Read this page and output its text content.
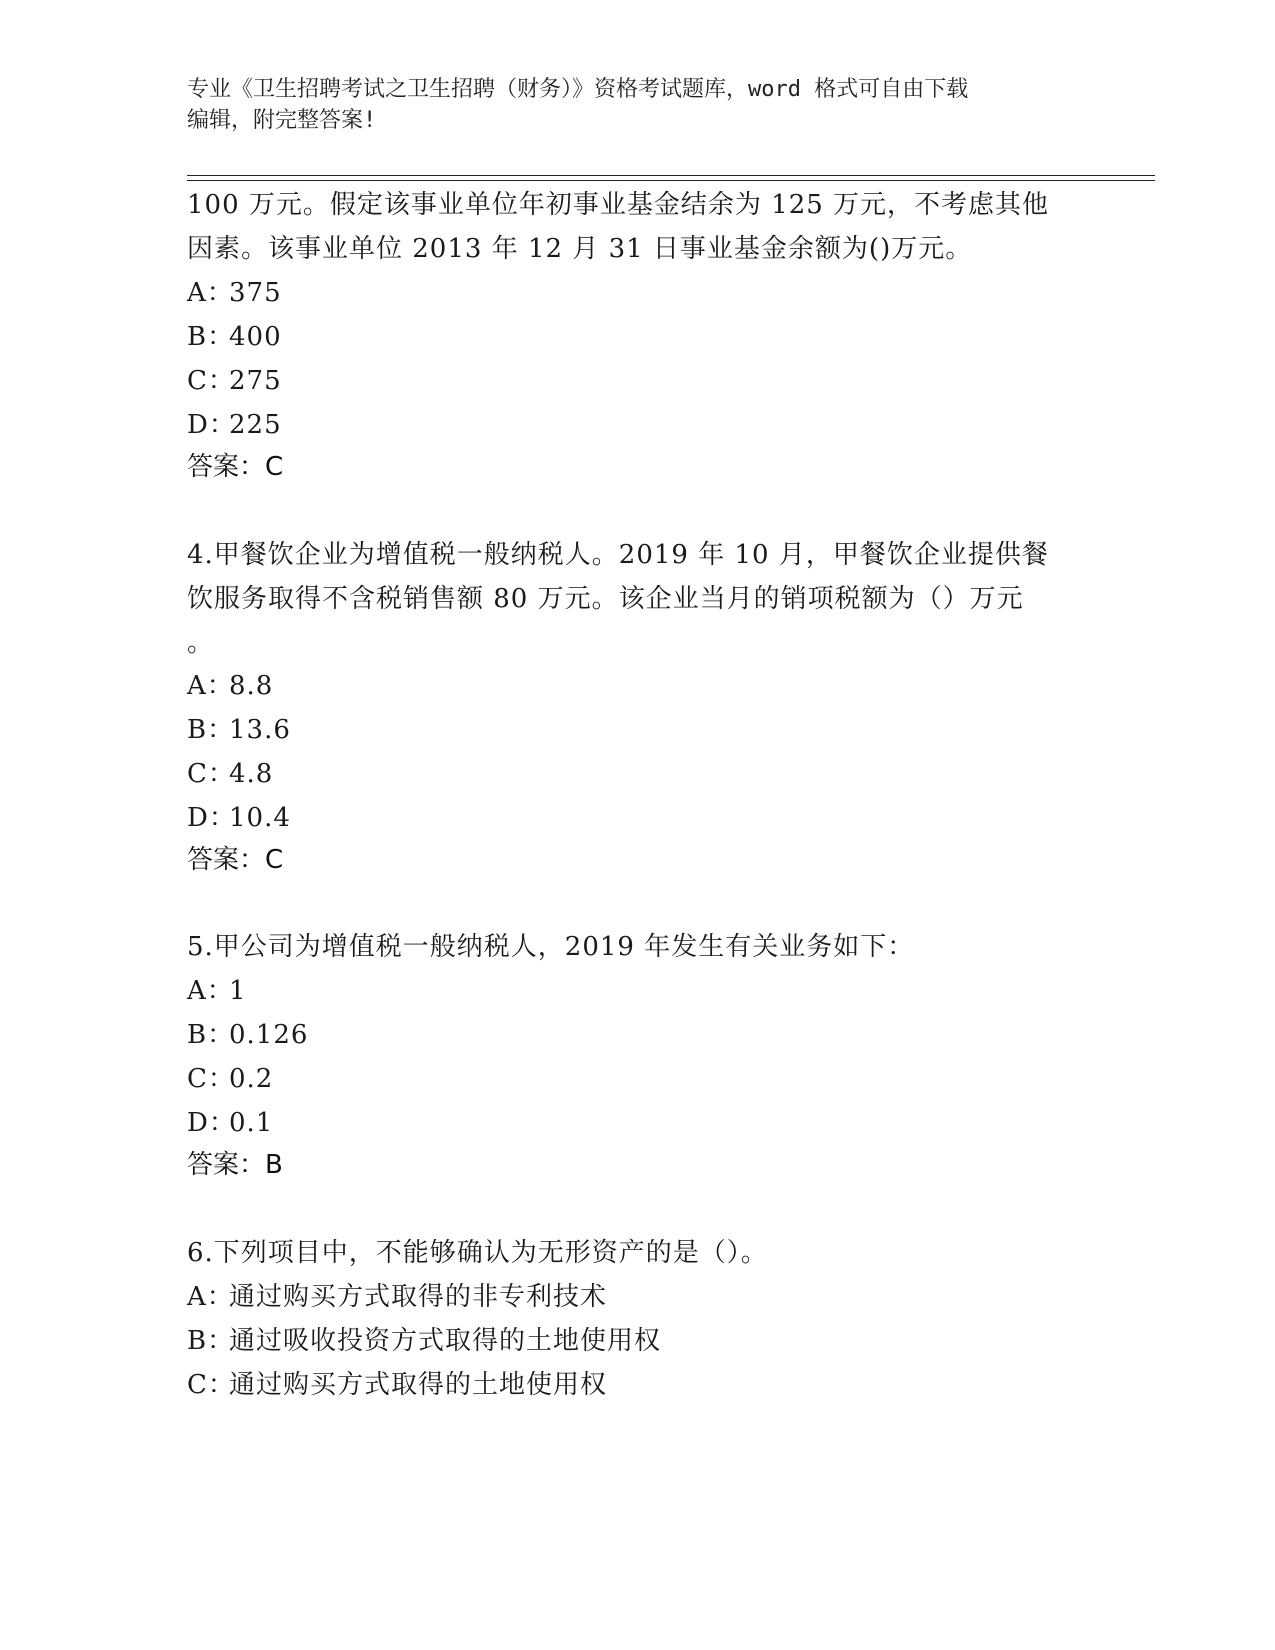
专业《卫生招聘考试之卫生招聘（财务）》资格考试题库，word 格式可自由下载
编辑，附完整答案!
100 万元。假定该事业单位年初事业基金结余为 125 万元，不考虑其他
因素。该事业单位 2013 年 12 月 31 日事业基金余额为()万元。
A：375
B：400
C：275
D：225
答案：C
4.甲餐饮企业为增值税一般纳税人。2019 年 10 月，甲餐饮企业提供餐
饮服务取得不含税销售额 80 万元。该企业当月的销项税额为（）万元
。
A：8.8
B：13.6
C：4.8
D：10.4
答案：C
5.甲公司为增值税一般纳税人，2019 年发生有关业务如下：
A：1
B：0.126
C：0.2
D：0.1
答案：B
6.下列项目中，不能够确认为无形资产的是（）。
A：通过购买方式取得的非专利技术
B：通过吸收投资方式取得的土地使用权
C：通过购买方式取得的土地使用权
